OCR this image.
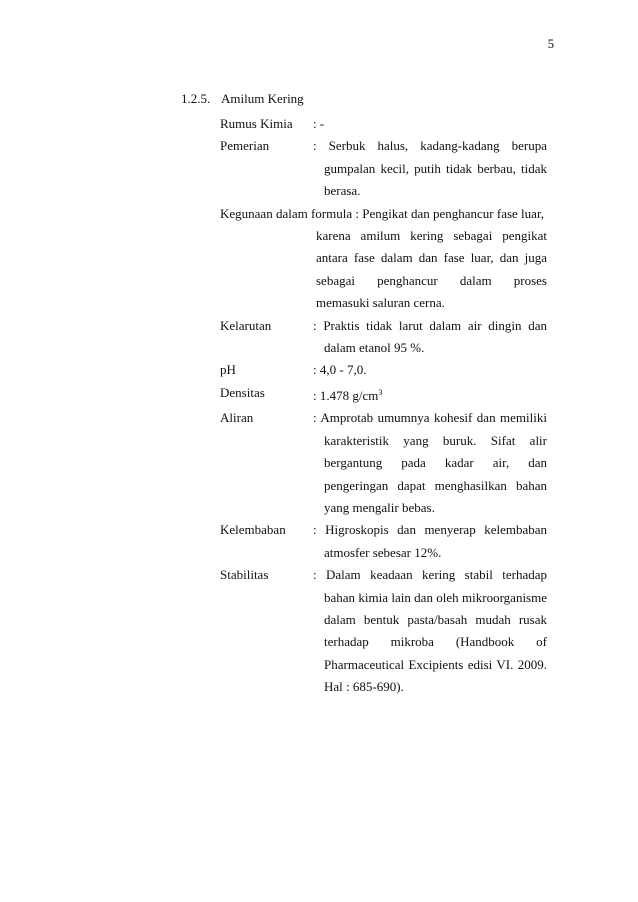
5
1.2.5. Amilum Kering
Rumus Kimia	: -

Pemerian	: Serbuk halus, kadang-kadang berupa gumpalan kecil, putih tidak berbau, tidak berasa.
Kegunaan dalam formula : Pengikat dan penghancur fase luar,
karena amilum kering sebagai pengikat antara fase dalam dan fase luar, dan juga sebagai penghancur dalam proses memasuki saluran cerna.
Kelarutan	: Praktis tidak larut dalam air dingin dan dalam etanol 95 %.
pH	: 4,0 - 7,0.
Densitas	: 1.478 $g/cm^3$
Aliran	: Amprotab umumnya kohesif dan memiliki karakteristik yang buruk. Sifat alir bergantung pada kadar air, dan pengeringan dapat menghasilkan bahan yang mengalir bebas.
Kelembaban	: Higroskopis dan menyerap kelembaban atmosfer sebesar 12%.
Stabilitas	: Dalam keadaan kering stabil terhadap bahan kimia lain dan oleh mikroorganisme dalam bentuk pasta/basah mudah rusak terhadap mikroba (Handbook of Pharmaceutical Excipients edisi VI. 2009. Hal : 685-690).
